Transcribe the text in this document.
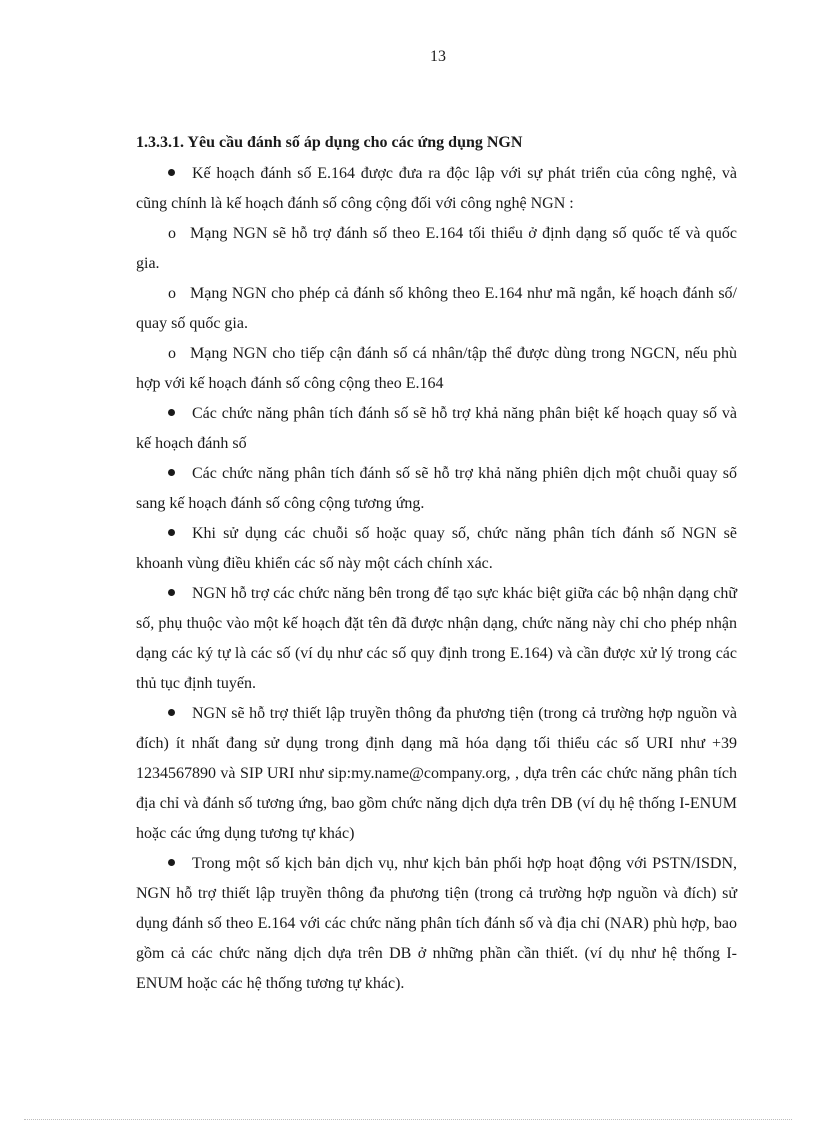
13
1.3.3.1. Yêu cầu đánh số áp dụng cho các ứng dụng NGN

Kế hoạch đánh số E.164 được đưa ra độc lập với sự phát triển của công nghệ, và cũng chính là kế hoạch đánh số công cộng đối với công nghệ NGN :

o Mạng NGN sẽ hỗ trợ đánh số theo E.164 tối thiểu ở định dạng số quốc tế và quốc gia.

o Mạng NGN cho phép cả đánh số không theo E.164 như mã ngắn, kế hoạch đánh số/ quay số quốc gia.

o Mạng NGN cho tiếp cận đánh số cá nhân/tập thể được dùng trong NGCN, nếu phù hợp với kế hoạch đánh số công cộng theo E.164

Các chức năng phân tích đánh số sẽ hỗ trợ khả năng phân biệt kế hoạch quay số và kế hoạch đánh số

Các chức năng phân tích đánh số sẽ hỗ trợ khả năng phiên dịch một chuỗi quay số sang kế hoạch đánh số công cộng tương ứng.

Khi sử dụng các chuỗi số hoặc quay số, chức năng phân tích đánh số NGN sẽ khoanh vùng điều khiển các số này một cách chính xác.

NGN hỗ trợ các chức năng bên trong để tạo sực khác biệt giữa các bộ nhận dạng chữ số, phụ thuộc vào một kế hoạch đặt tên đã được nhận dạng, chức năng này chỉ cho phép nhận dạng các ký tự là các số (ví dụ như các số quy định trong E.164) và cần được xử lý trong các thủ tục định tuyến.

NGN sẽ hỗ trợ thiết lập truyền thông đa phương tiện (trong cả trường hợp nguồn và đích) ít nhất đang sử dụng trong định dạng mã hóa dạng tối thiểu các số URI như +39 1234567890 và SIP URI như sip:my.name@company.org, , dựa trên các chức năng phân tích địa chỉ và đánh số tương ứng, bao gồm chức năng dịch dựa trên DB (ví dụ hệ thống I-ENUM hoặc các ứng dụng tương tự khác)

Trong một số kịch bản dịch vụ, như kịch bản phối hợp hoạt động với PSTN/ISDN, NGN hỗ trợ thiết lập truyền thông đa phương tiện (trong cả trường hợp nguồn và đích) sử dụng đánh số theo E.164 với các chức năng phân tích đánh số và địa chỉ (NAR) phù hợp, bao gồm cả các chức năng dịch dựa trên DB ở những phần cần thiết. (ví dụ như hệ thống I-ENUM hoặc các hệ thống tương tự khác).
